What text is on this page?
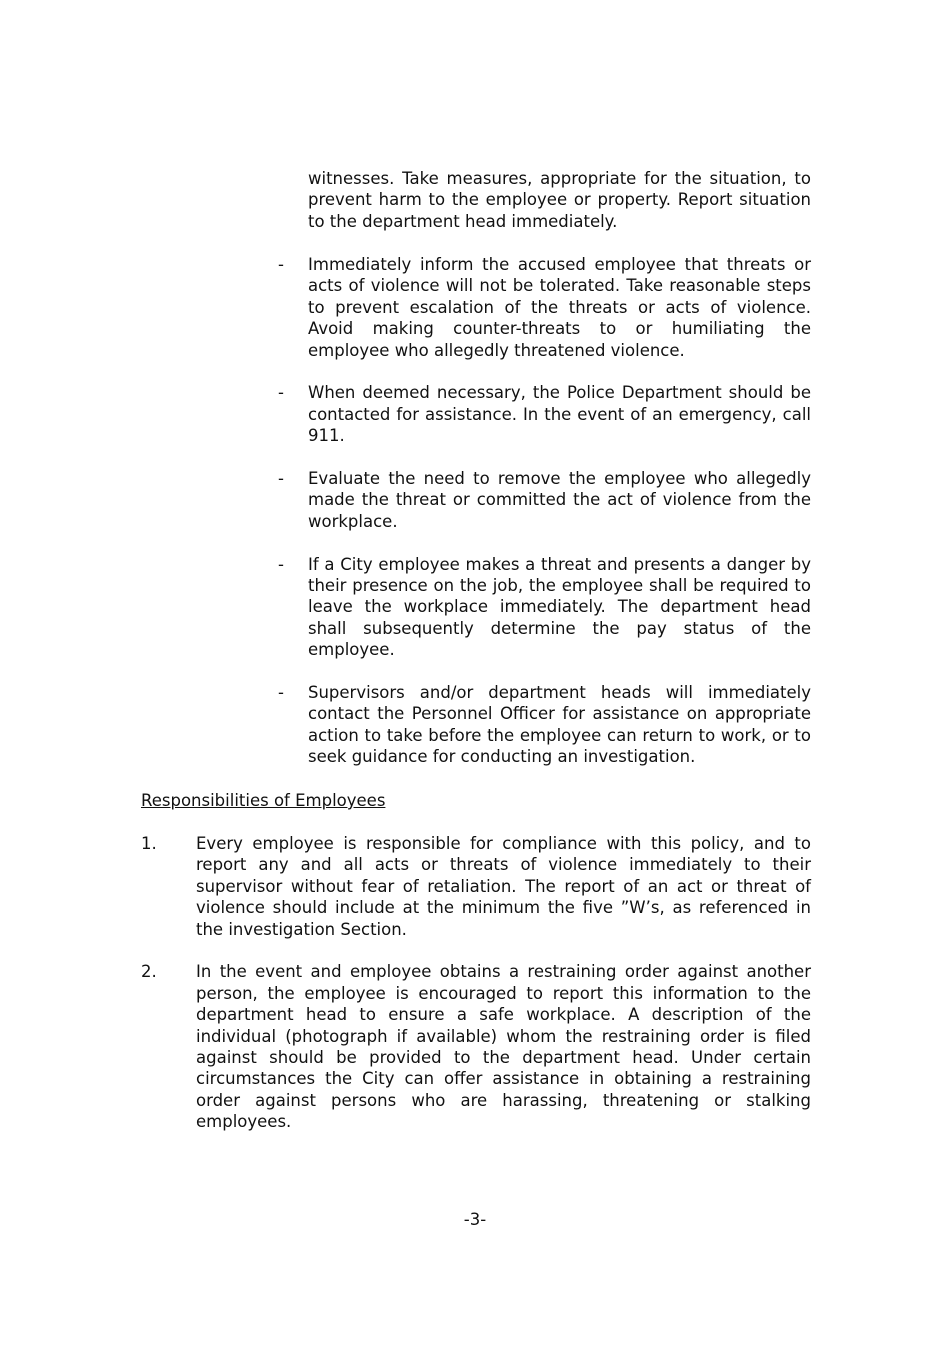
witnesses. Take measures, appropriate for the situation, to prevent harm to the employee or property. Report situation to the department head immediately.

-	Immediately inform the accused employee that threats or acts of violence will not be tolerated. Take reasonable steps to prevent escalation of the threats or acts of violence. Avoid making counter-threats to or humiliating the employee who allegedly threatened violence.
-	When deemed necessary, the Police Department should be contacted for assistance. In the event of an emergency, call 911.
-	Evaluate the need to remove the employee who allegedly made the threat or committed the act of violence from the workplace.
-	If a City employee makes a threat and presents a danger by their presence on the job, the employee shall be required to leave the workplace immediately. The department head shall subsequently determine the pay status of the employee.
-	Supervisors and/or department heads will immediately contact the Personnel Officer for assistance on appropriate action to take before the employee can return to work, or to seek guidance for conducting an investigation.
Responsibilities of Employees
1. Every employee is responsible for compliance with this policy, and to report any and all acts or threats of violence immediately to their supervisor without fear of retaliation. The report of an act or threat of violence should include at the minimum the five ”W’s, as referenced in the investigation Section.
2. In the event and employee obtains a restraining order against another person, the employee is encouraged to report this information to the department head to ensure a safe workplace. A description of the individual (photograph if available) whom the restraining order is filed against should be provided to the department head. Under certain circumstances the City can offer assistance in obtaining a restraining order against persons who are harassing, threatening or stalking employees.

-3-
